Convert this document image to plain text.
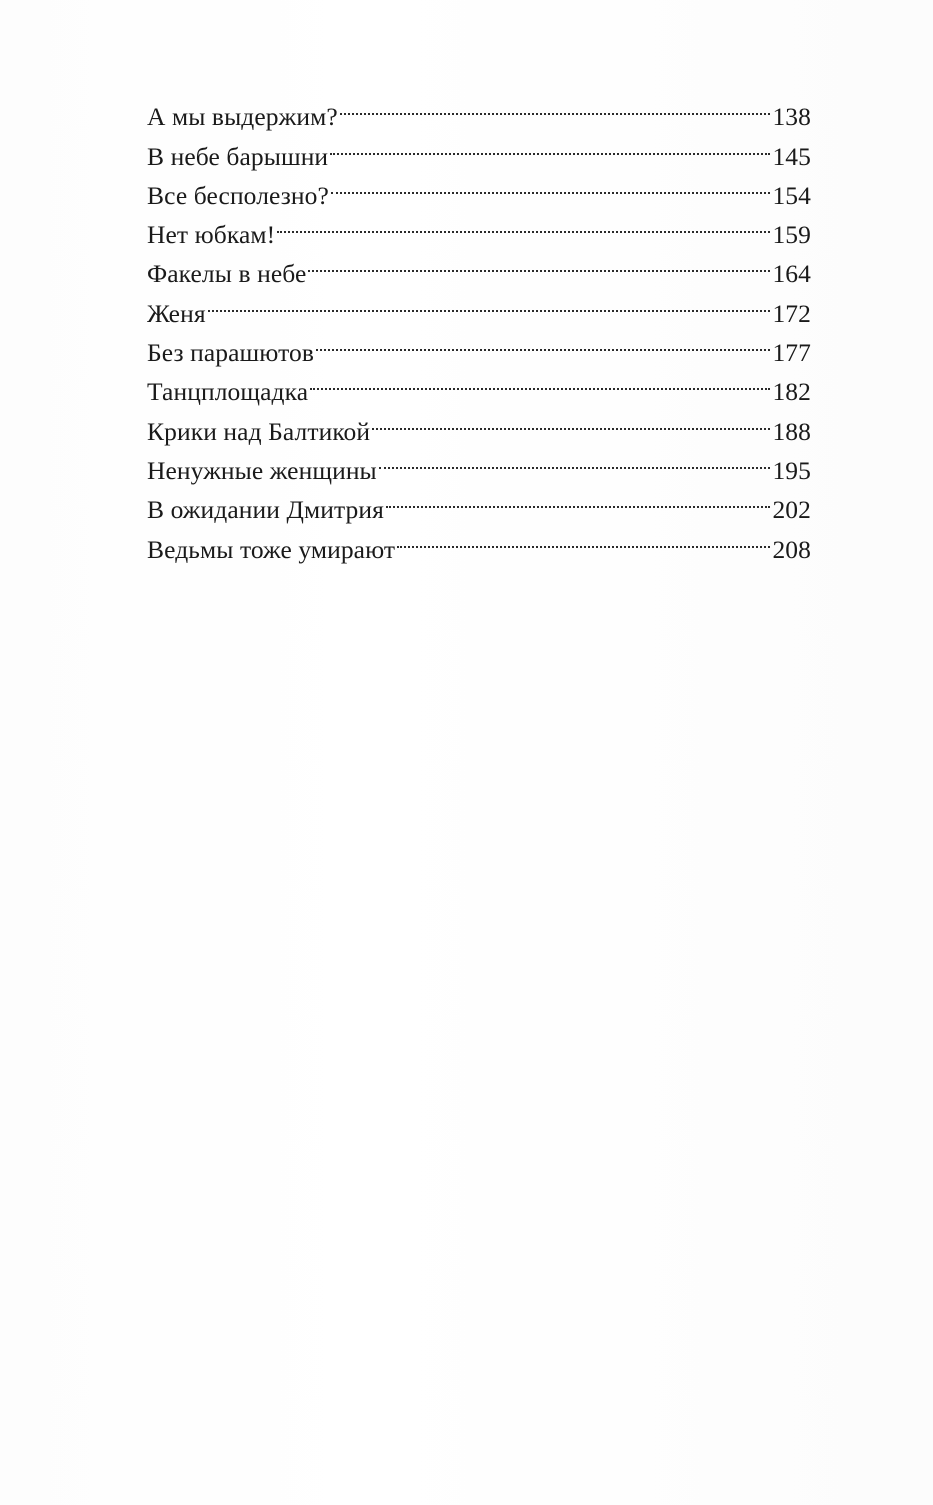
А мы выдержим?	138
В небе барышни	145
Все бесполезно?	154
Нет юбкам!	159
Факелы в небе	164
Женя	172
Без парашютов	177
Танцплощадка	182
Крики над Балтикой	188
Ненужные женщины	195
В ожидании Дмитрия	202
Ведьмы тоже умирают	208
